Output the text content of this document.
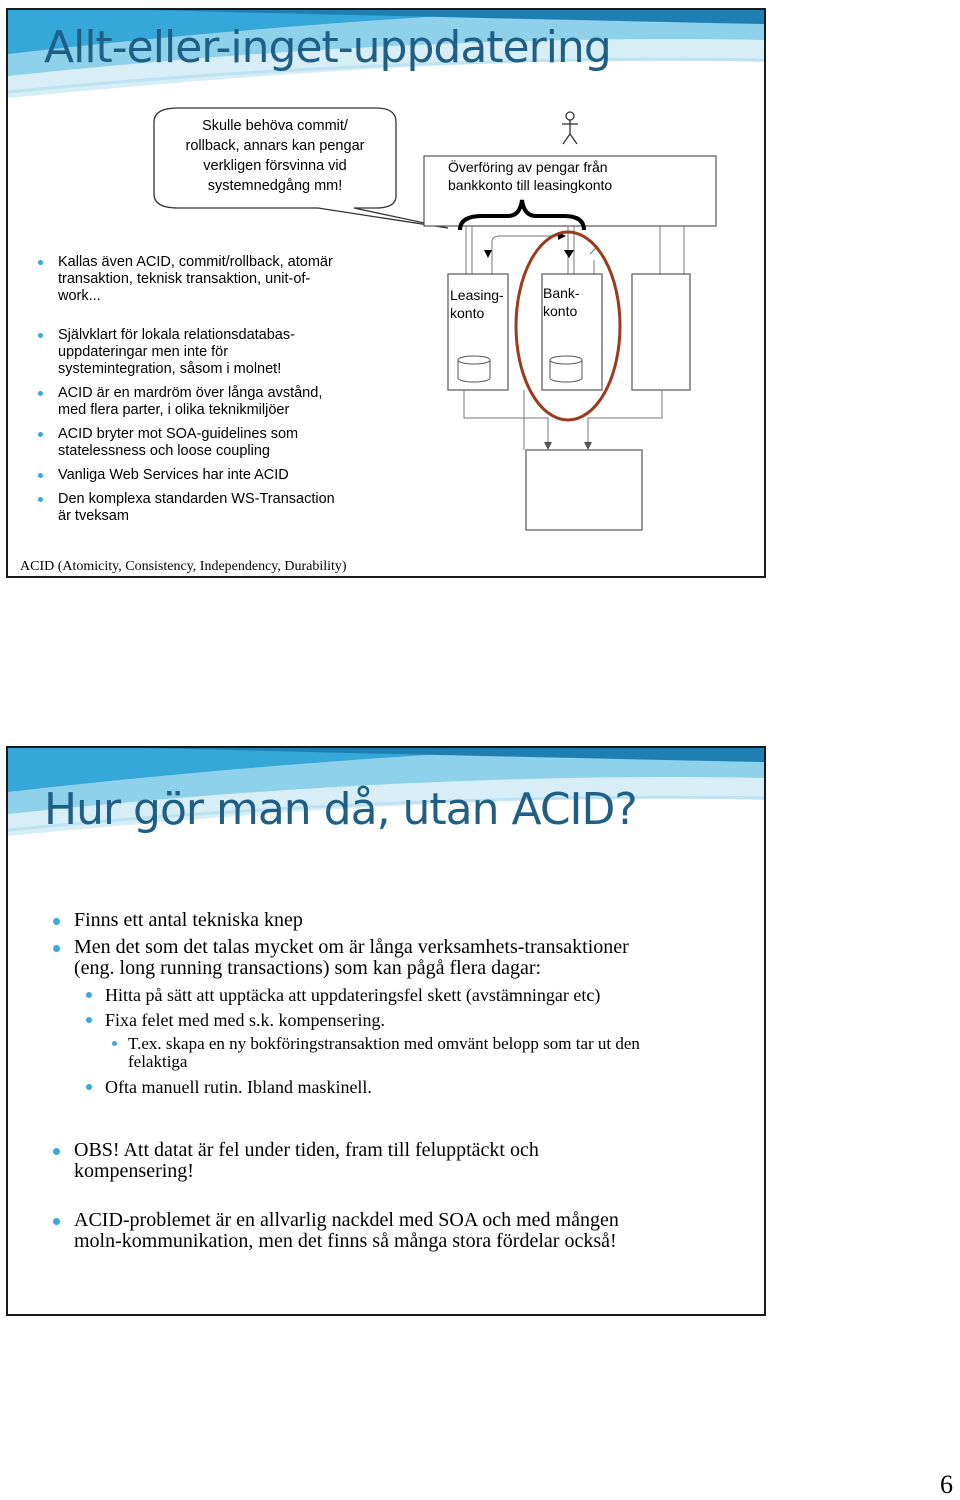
Allt-eller-inget-uppdatering
Skulle behöva commit/
rollback, annars kan pengar
verkligen försvinna vid
systemnedgång mm!
Överföring av pengar från
bankkonto till leasingkonto
Leasing-
konto
Bank-
konto
Kallas även ACID, commit/rollback, atomär
transaktion, teknisk transaktion, unit-of-
work...
Självklart för lokala relationsdatabas-
uppdateringar men inte för
systemintegration, såsom i molnet!
ACID är en mardröm över långa avstånd,
med flera parter, i olika teknikmiljöer
ACID bryter mot SOA-guidelines som
statelessness och loose coupling
Vanliga Web Services har inte ACID
Den komplexa standarden WS-Transaction
är tveksam
ACID (Atomicity, Consistency, Independency, Durability)
Hur gör man då, utan ACID?
Finns ett antal tekniska knep
Men det som det talas mycket om är långa verksamhets-transaktioner
(eng. long running transactions) som kan pågå flera dagar:
Hitta på sätt att upptäcka att uppdateringsfel skett (avstämningar etc)
Fixa felet med med s.k. kompensering.
T.ex. skapa en ny bokföringstransaktion med omvänt belopp som tar ut den
felaktiga
Ofta manuell rutin. Ibland maskinell.
OBS! Att datat är fel under tiden, fram till felupptäckt och
kompensering!
ACID-problemet är en allvarlig nackdel med SOA och med mången
moln-kommunikation, men det finns så många stora fördelar också!
6
